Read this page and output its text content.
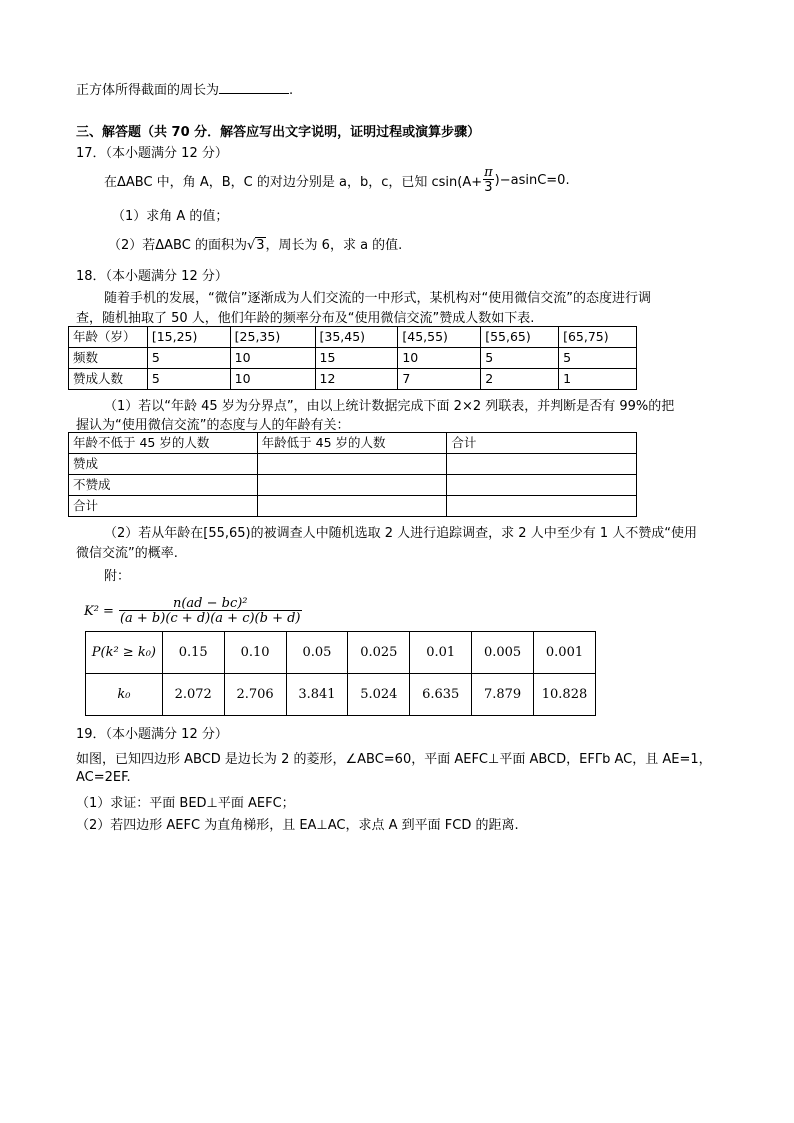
正方体所得截面的周长为	.
三、解答题（共 70 分．解答应写出文字说明，证明过程或演算步骤）
17．（本小题满分 12 分）
在ΔABC 中，角 A，B，C 的对边分别是 a，b，c，已知 $csin(A+ \frac{\pi}{3} )-asinC=0$.
（1）求角 A 的值；
（2）若ΔABC 的面积为√3，周长为 6，求 a 的值.
18．（本小题满分 12 分）
随着手机的发展，“微信”逐渐成为人们交流的一中形式，某机构对“使用微信交流”的态度进行调
查，随机抽取了 50 人，他们年龄的频率分布及“使用微信交流”赞成人数如下表.
年龄（岁）	[15,25)	[25,35)	[35,45)	[45,55)	[55,65)	[65,75)
频数	5	10	15	10	5	5
赞成人数	5	10	12	7	2	1
（1）若以“年龄 45 岁为分界点”，由以上统计数据完成下面 2×2 列联表，并判断是否有 99%的把
握认为“使用微信交流”的态度与人的年龄有关：
年龄不低于 45 岁的人数	年龄低于 45 岁的人数	合计
赞成		
不赞成		
合计		
（2）若从年龄在[55,65)的被调查人中随机选取 2 人进行追踪调查，求 2 人中至少有 1 人不赞成“使用
微信交流”的概率.
附：
$K^2 = \frac{\text{n(ad − bc)²}}{(a + b)(c + d)(a + c)(b + d)}$
P(k² ≥ k₀)	0.15	0.10	0.05	0.025	0.01	0.005	0.001
k₀	2.072	2.706	3.841	5.024	6.635	7.879	10.828
19．（本小题满分 12 分）
如图，已知四边形 ABCD 是边长为 2 的菱形，∠ABC=60，平面 AEFC⊥平面 ABCD，EFΓb AC，且 AE=1，
AC=2EF.
（1）求证：平面 BED⊥平面 AEFC；
（2）若四边形 AEFC 为直角梯形，且 EA⊥AC，求点 A 到平面 FCD 的距离.
